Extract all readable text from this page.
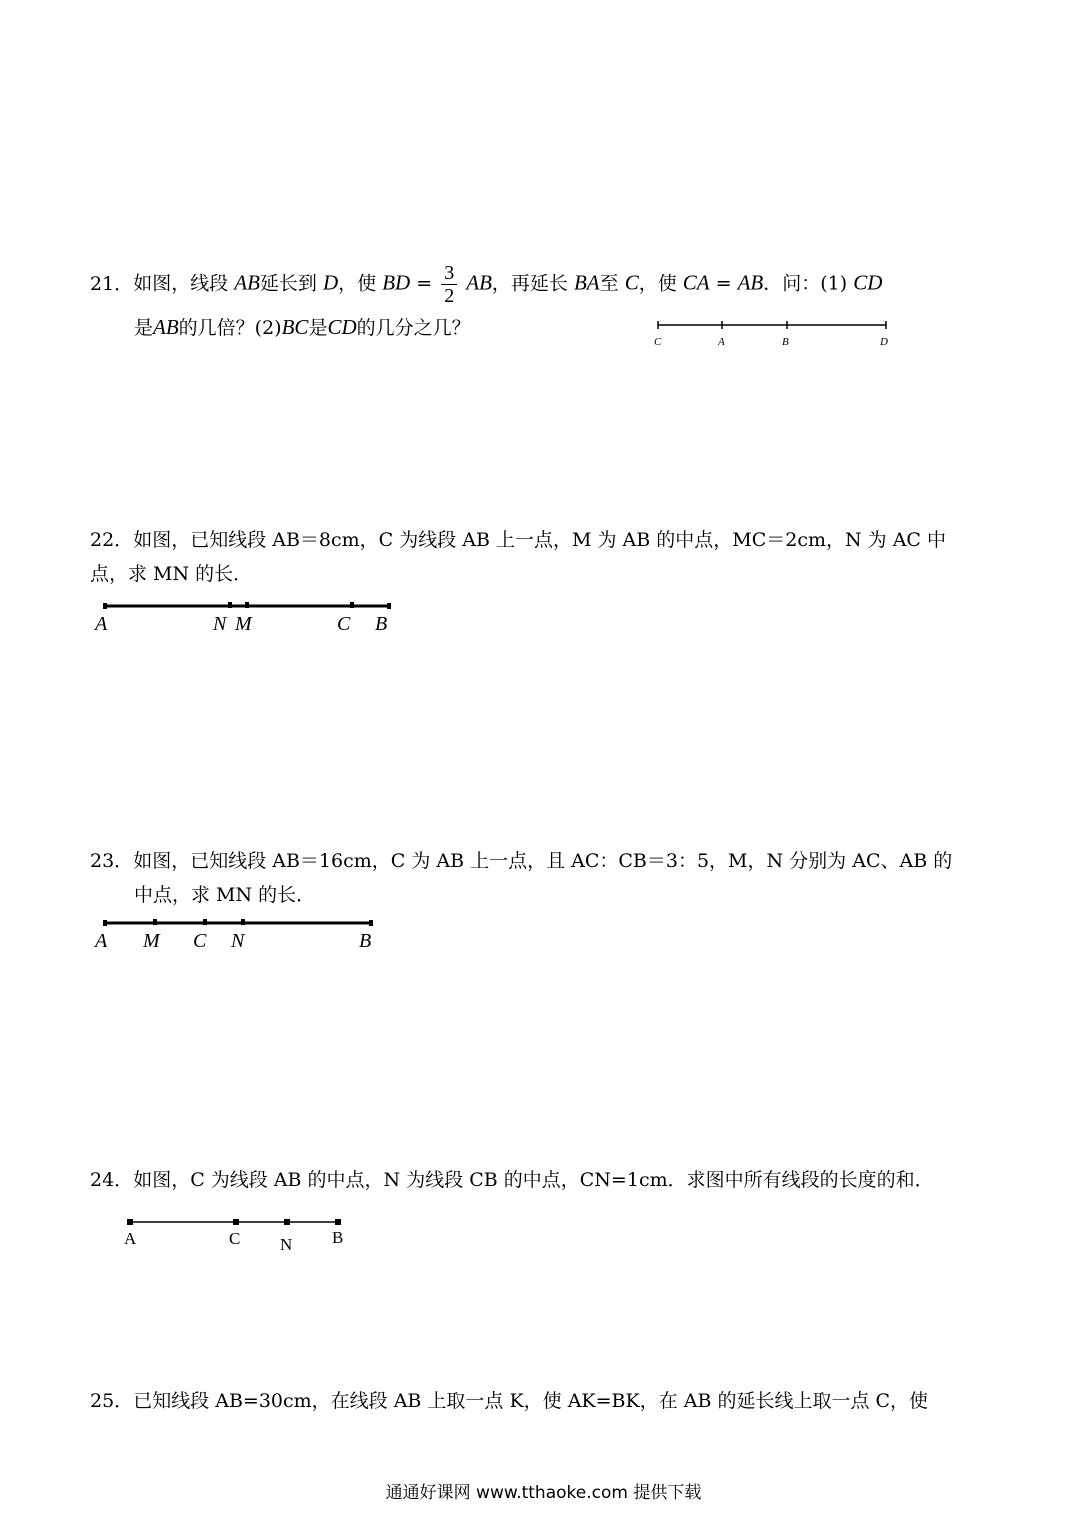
21．如图，线段 AB延长到 D，使 BD = $\frac{3}{2}$ AB，再延长 BA至 C，使 CA = AB．问：(1) CD
是AB的几倍？(2)BC是CD的几分之几？
C	A	B	D
22．如图，已知线段 AB＝8cm，C 为线段 AB 上一点，M 为 AB 的中点，MC＝2cm，N 为 AC 中
点，求 MN 的长．
A	N M	C B
23．如图，已知线段 AB＝16cm，C 为 AB 上一点，且 AC：CB＝3：5，M，N 分别为 AC、AB 的
中点，求 MN 的长．
A M C N	B
24．如图，C 为线段 AB 的中点，N 为线段 CB 的中点，CN=1cm．求图中所有线段的长度的和．
A	C N B
25．已知线段 AB=30cm，在线段 AB 上取一点 K，使 AK=BK，在 AB 的延长线上取一点 C，使
通通好课网 www.tthaoke.com 提供下载
